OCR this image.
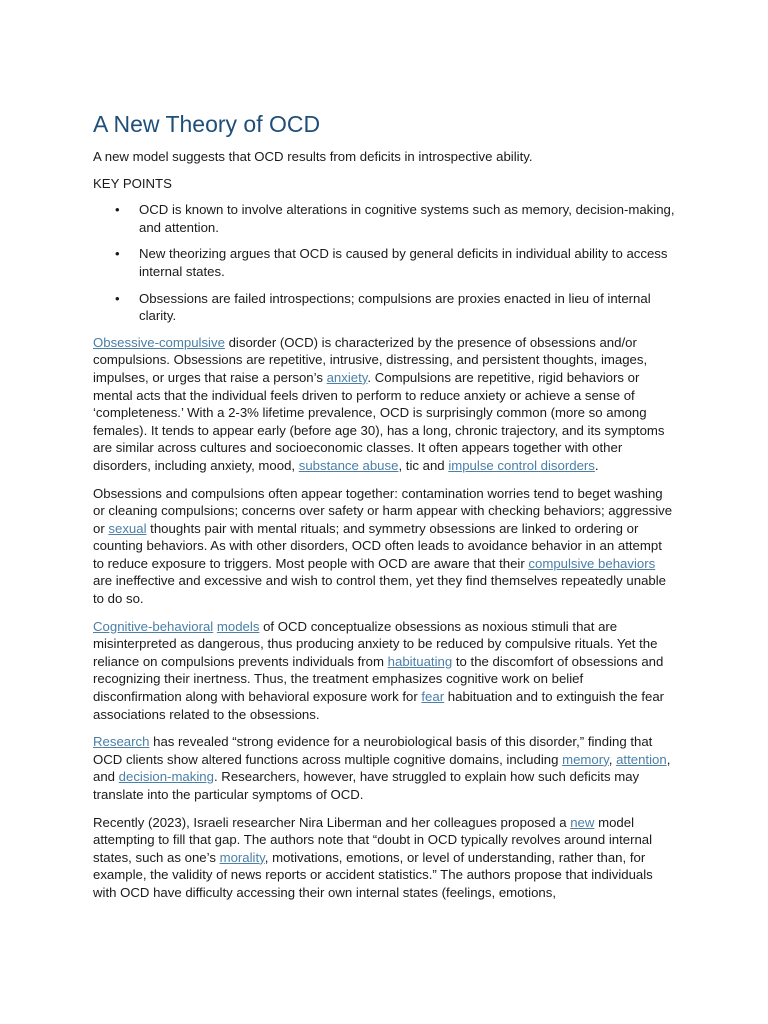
A New Theory of OCD

A new model suggests that OCD results from deficits in introspective ability.

KEY POINTS

• OCD is known to involve alterations in cognitive systems such as memory, decision-making, and attention.
• New theorizing argues that OCD is caused by general deficits in individual ability to access internal states.
• Obsessions are failed introspections; compulsions are proxies enacted in lieu of internal clarity.

Obsessive-compulsive disorder (OCD) is characterized by the presence of obsessions and/or compulsions. Obsessions are repetitive, intrusive, distressing, and persistent thoughts, images, impulses, or urges that raise a person’s anxiety. Compulsions are repetitive, rigid behaviors or mental acts that the individual feels driven to perform to reduce anxiety or achieve a sense of ‘completeness.’ With a 2-3% lifetime prevalence, OCD is surprisingly common (more so among females). It tends to appear early (before age 30), has a long, chronic trajectory, and its symptoms are similar across cultures and socioeconomic classes. It often appears together with other disorders, including anxiety, mood, substance abuse, tic and impulse control disorders.

Obsessions and compulsions often appear together: contamination worries tend to beget washing or cleaning compulsions; concerns over safety or harm appear with checking behaviors; aggressive or sexual thoughts pair with mental rituals; and symmetry obsessions are linked to ordering or counting behaviors. As with other disorders, OCD often leads to avoidance behavior in an attempt to reduce exposure to triggers. Most people with OCD are aware that their compulsive behaviors are ineffective and excessive and wish to control them, yet they find themselves repeatedly unable to do so.

Cognitive-behavioral models of OCD conceptualize obsessions as noxious stimuli that are misinterpreted as dangerous, thus producing anxiety to be reduced by compulsive rituals. Yet the reliance on compulsions prevents individuals from habituating to the discomfort of obsessions and recognizing their inertness. Thus, the treatment emphasizes cognitive work on belief disconfirmation along with behavioral exposure work for fear habituation and to extinguish the fear associations related to the obsessions.

Research has revealed “strong evidence for a neurobiological basis of this disorder,” finding that OCD clients show altered functions across multiple cognitive domains, including memory, attention, and decision-making. Researchers, however, have struggled to explain how such deficits may translate into the particular symptoms of OCD.

Recently (2023), Israeli researcher Nira Liberman and her colleagues proposed a new model attempting to fill that gap. The authors note that “doubt in OCD typically revolves around internal states, such as one’s morality, motivations, emotions, or level of understanding, rather than, for example, the validity of news reports or accident statistics.” The authors propose that individuals with OCD have difficulty accessing their own internal states (feelings, emotions,
